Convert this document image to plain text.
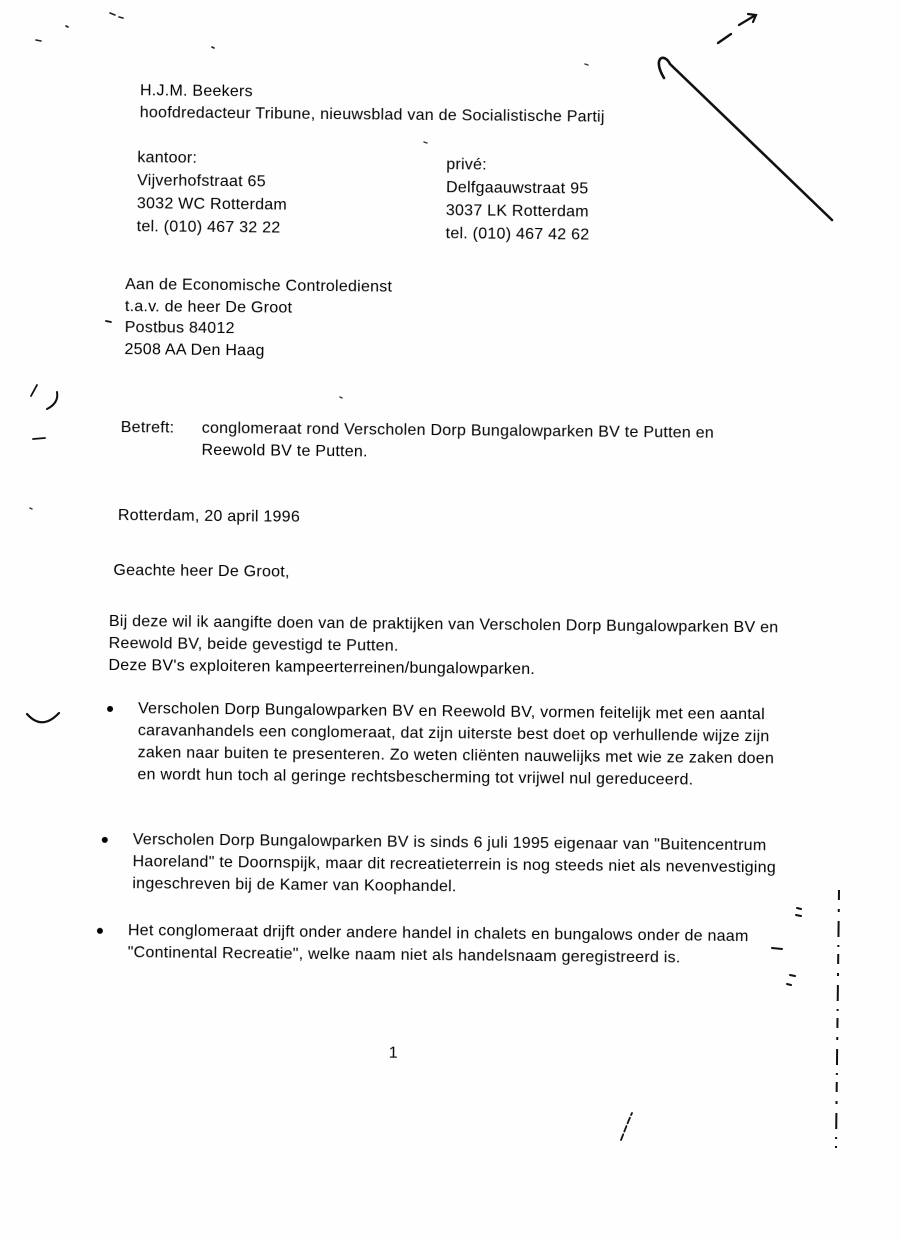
H.J.M. Beekers

hoofdredacteur Tribune, nieuwsblad van de Socialistische Partij

kantoor:
Vijverhofstraat 65
3032 WC Rotterdam
tel. (010) 467 32 22
privé:
Delfgaauwstraat 95
3037 LK Rotterdam
tel. (010) 467 42 62
Aan de Economische Controledienst
t.a.v. de heer De Groot
Postbus 84012
2508 AA Den Haag

Betreft: conglomeraat rond Verscholen Dorp Bungalowparken BV te Putten en Reewold BV te Putten.

Rotterdam, 20 april 1996

Geachte heer De Groot,

Bij deze wil ik aangifte doen van de praktijken van Verscholen Dorp Bungalowparken BV en Reewold BV, beide gevestigd te Putten.

Deze BV's exploiteren kampeerterreinen/bungalowparken.

Verscholen Dorp Bungalowparken BV en Reewold BV, vormen feitelijk met een aantal caravanhandels een conglomeraat, dat zijn uiterste best doet op verhullende wijze zijn zaken naar buiten te presenteren. Zo weten cliënten nauwelijks met wie ze zaken doen en wordt hun toch al geringe rechtsbescherming tot vrijwel nul gereduceerd.
Verscholen Dorp Bungalowparken BV is sinds 6 juli 1995 eigenaar van "Buitencentrum Haoreland" te Doornspijk, maar dit recreatieterrein is nog steeds niet als nevenvestiging ingeschreven bij de Kamer van Koophandel.
Het conglomeraat drijft onder andere handel in chalets en bungalows onder de naam "Continental Recreatie", welke naam niet als handelsnaam geregistreerd is.

1
